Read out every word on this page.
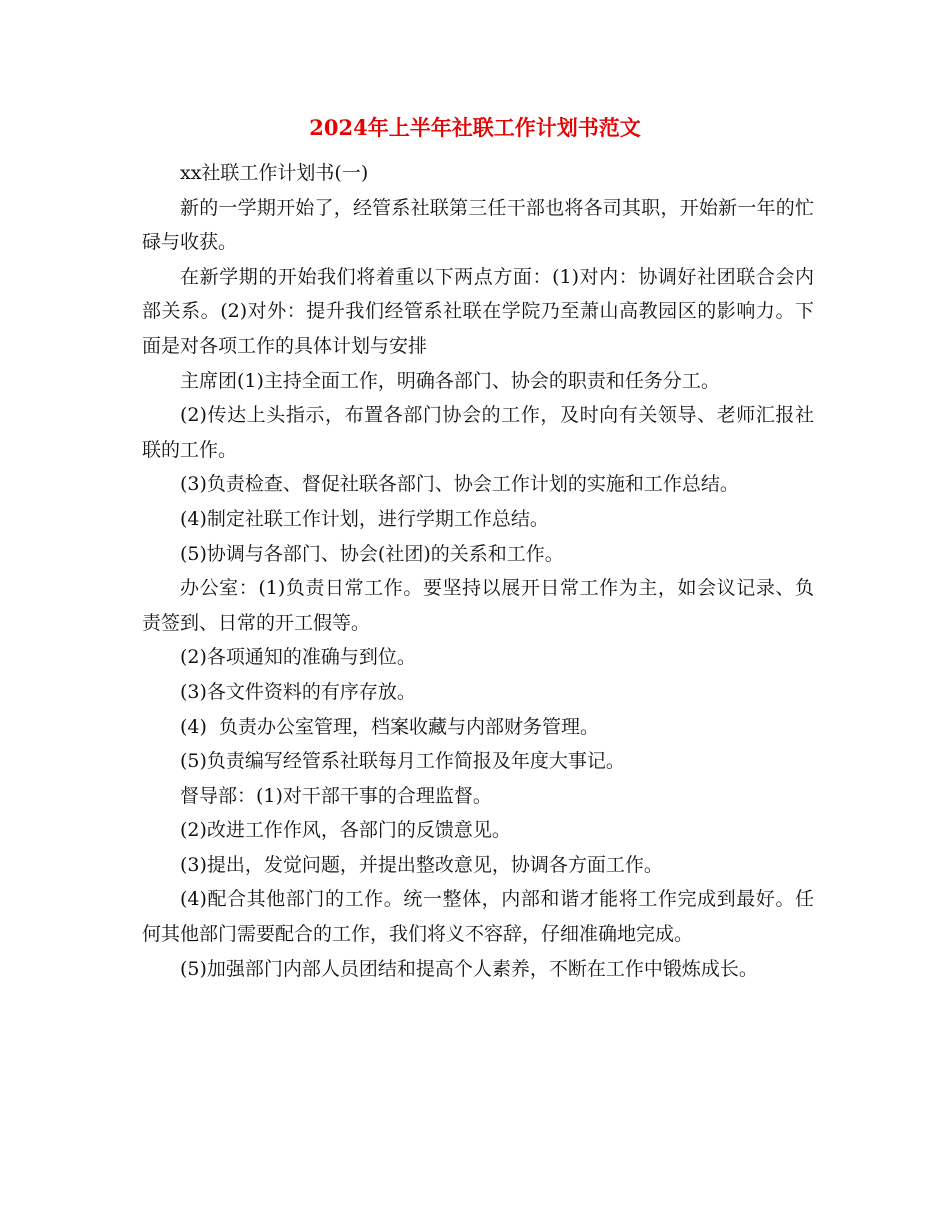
2024年上半年社联工作计划书范文

xx社联工作计划书(一)

新的一学期开始了，经管系社联第三任干部也将各司其职，开始新一年的忙碌与收获。

在新学期的开始我们将着重以下两点方面：(1)对内：协调好社团联合会内部关系。(2)对外：提升我们经管系社联在学院乃至萧山高教园区的影响力。下面是对各项工作的具体计划与安排

主席团(1)主持全面工作，明确各部门、协会的职责和任务分工。

(2)传达上头指示，布置各部门协会的工作，及时向有关领导、老师汇报社联的工作。

(3)负责检查、督促社联各部门、协会工作计划的实施和工作总结。

(4)制定社联工作计划，进行学期工作总结。

(5)协调与各部门、协会(社团)的关系和工作。

办公室：(1)负责日常工作。要坚持以展开日常工作为主，如会议记录、负责签到、日常的开工假等。

(2)各项通知的准确与到位。

(3)各文件资料的有序存放。

(4)  负责办公室管理，档案收藏与内部财务管理。

(5)负责编写经管系社联每月工作简报及年度大事记。

督导部：(1)对干部干事的合理监督。

(2)改进工作作风，各部门的反馈意见。

(3)提出，发觉问题，并提出整改意见，协调各方面工作。

(4)配合其他部门的工作。统一整体，内部和谐才能将工作完成到最好。任何其他部门需要配合的工作，我们将义不容辞，仔细准确地完成。

(5)加强部门内部人员团结和提高个人素养，不断在工作中锻炼成长。
